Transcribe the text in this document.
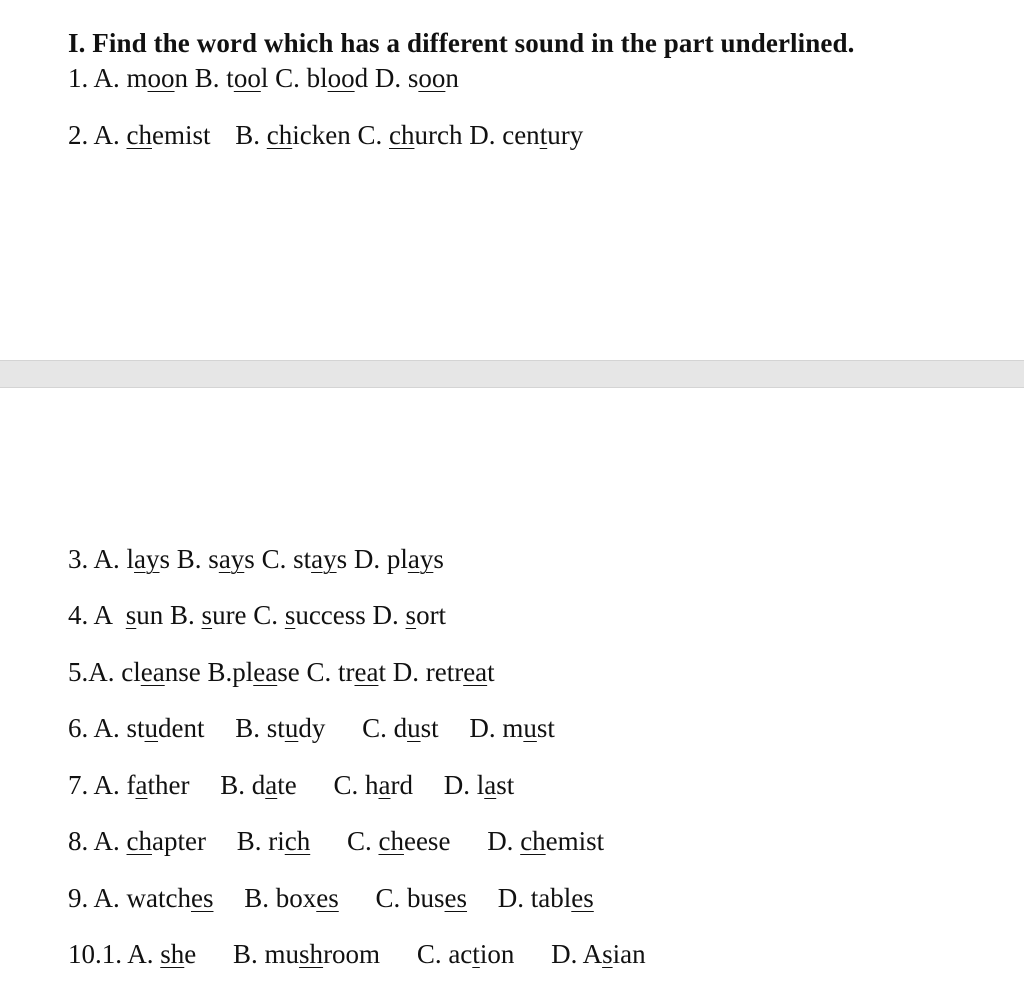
I. Find the word which has a different sound in the part underlined.
1. A. moon B. tool C. blood D. soon
2. A. chemist B. chicken C. church D. century
3. A. lays B. says C. stays D. plays
4. A sun B. sure C. success D. sort
5.A. cleanse B.please C. treat D. retreat
6. A. student B. study C. dust D. must
7. A. father B. date C. hard D. last
8. A. chapter B. rich C. cheese D. chemist
9. A. watches B. boxes C. buses D. tables
10.1. A. she B. mushroom C. action D. Asian
